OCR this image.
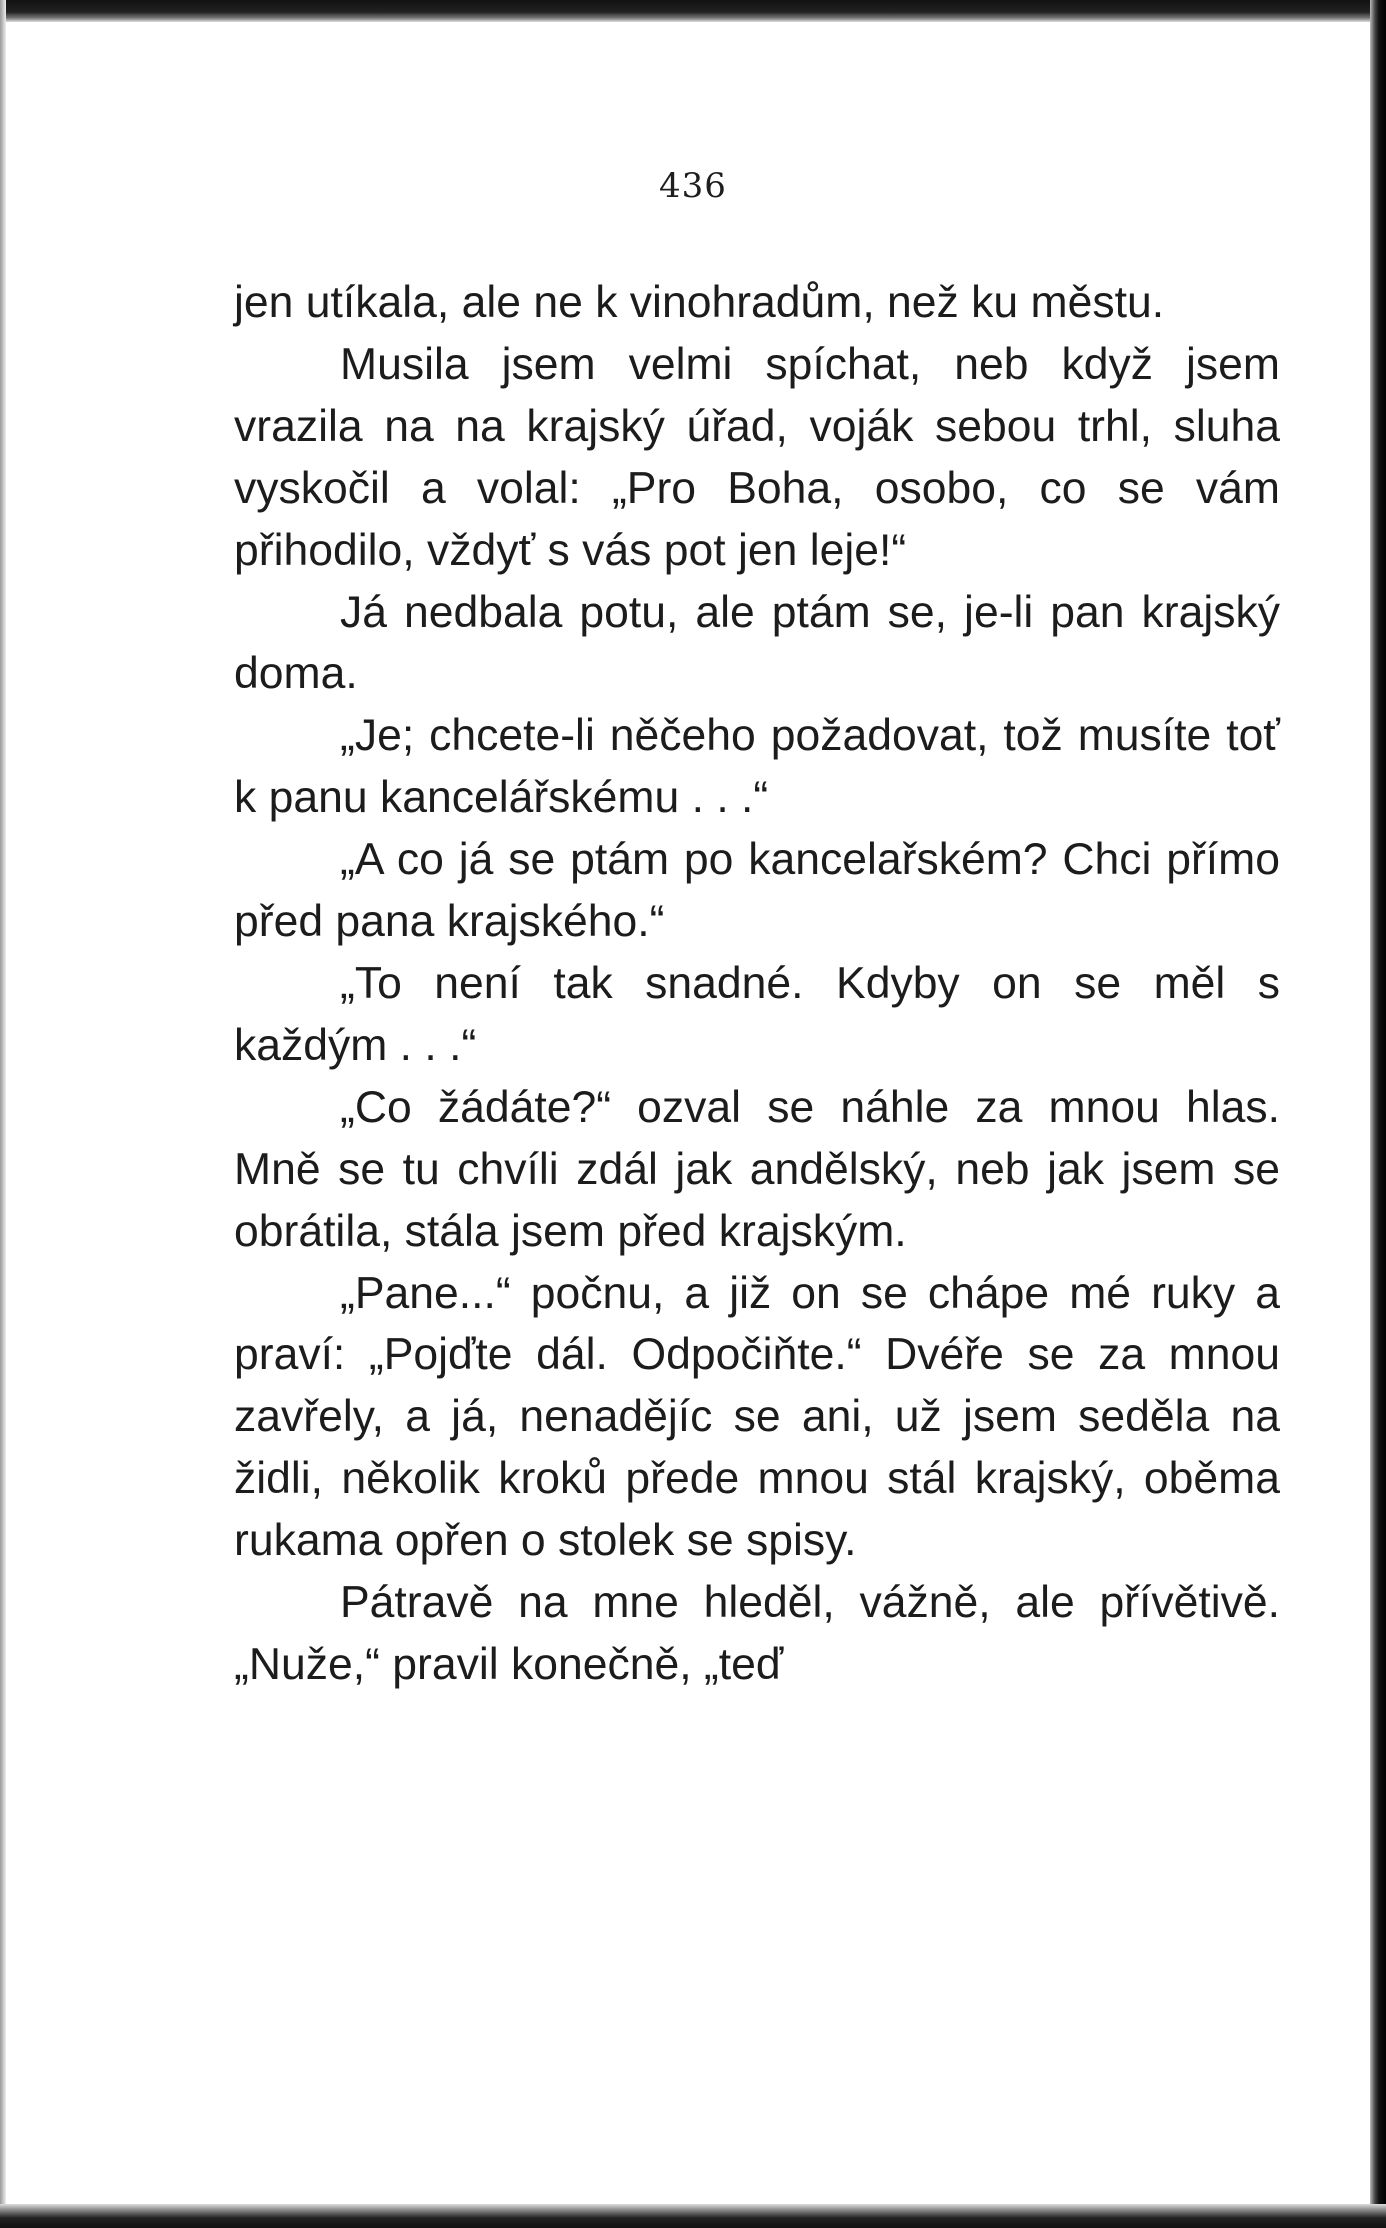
436

jen utíkala, ale ne k vinohradům, než ku městu.

Musila jsem velmi spíchat, neb když jsem vrazila na na krajský úřad, voják sebou trhl, sluha vyskočil a volal: „Pro Boha, osobo, co se vám přihodilo, vždyť s vás pot jen leje!“

Já nedbala potu, ale ptám se, je-li pan krajský doma.

„Je; chcete-li něčeho požadovat, tož musíte toť k panu kancelářskému . . .“

„A co já se ptám po kancelařském? Chci přímo před pana krajského.“

„To není tak snadné. Kdyby on se měl s každým . . .“

„Co žádáte?“ ozval se náhle za mnou hlas. Mně se tu chvíli zdál jak andělský, neb jak jsem se obrátila, stála jsem před krajským.

„Pane...“ počnu, a již on se chápe mé ruky a praví: „Pojďte dál. Odpočiňte.“ Dvéře se za mnou zavřely, a já, nenadějíc se ani, už jsem seděla na židli, několik kroků přede mnou stál krajský, oběma rukama opřen o stolek se spisy.

Pátravě na mne hleděl, vážně, ale přívětivě. „Nuže,“ pravil konečně, „teď
